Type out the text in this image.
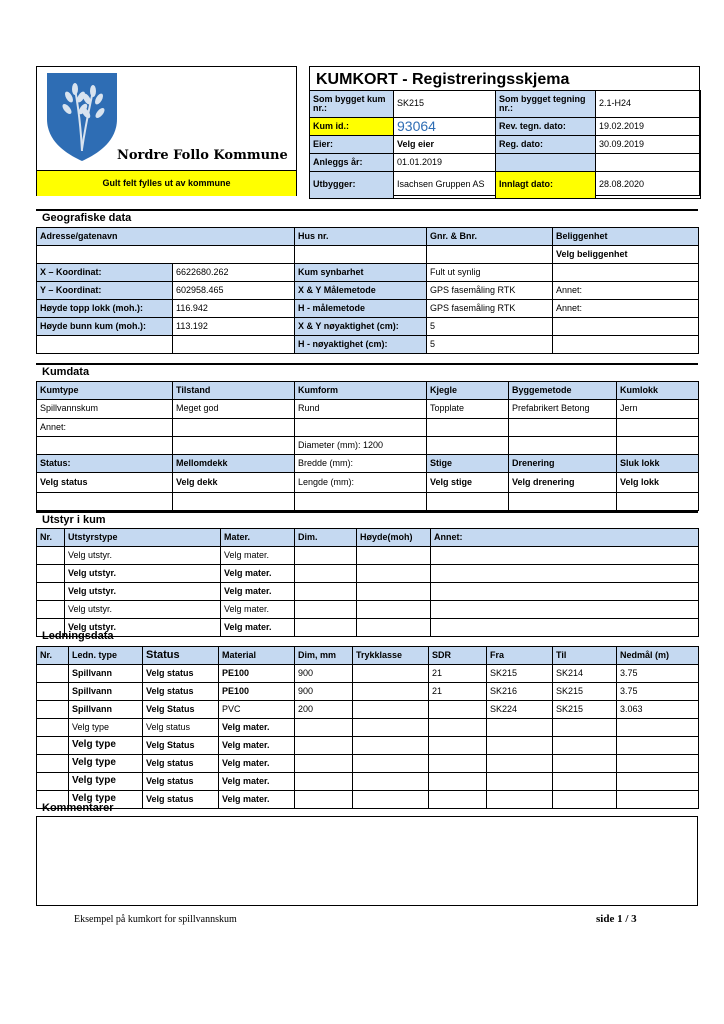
Nordre Follo Kommune
Gult felt fylles ut av kommune
KUMKORT - Registreringsskjema
Som bygget kum nr.:	SK215	Som bygget tegning nr.:	2.1-H24
Kum id.:	93064	Rev. tegn. dato:	19.02.2019
Eier:	Velg eier	Reg. dato:	30.09.2019
Anleggs år:	01.01.2019		
Utbygger:	Isachsen Gruppen AS	Innlagt dato:	28.08.2020
Geografiske data
Adresse/gatenavn		Hus nr.	Gnr. & Bnr.	Beliggenhet
				Velg beliggenhet
X – Koordinat:	6622680.262	Kum synbarhet	Fult ut synlig	
Y – Koordinat:	602958.465	X & Y Målemetode	GPS fasemåling RTK	Annet:
Høyde topp lokk (moh.):	116.942	H - målemetode	GPS fasemåling RTK	Annet:
Høyde bunn kum (moh.):	113.192	X & Y nøyaktighet (cm):	5	
		H - nøyaktighet (cm):	5	
Kumdata
Kumtype	Tilstand	Kumform	Kjegle	Byggemetode	Kumlokk
Spillvannskum	Meget god	Rund	Topplate	Prefabrikert Betong	Jern
Annet:					
		Diameter (mm): 1200			
Status:	Mellomdekk	Bredde (mm):	Stige	Drenering	Sluk lokk
Velg status	Velg dekk	Lengde (mm):	Velg stige	Velg drenering	Velg lokk

Utstyr i kum
Nr.	Utstyrstype	Mater.	Dim.	Høyde(moh)	Annet:
	Velg utstyr.	Velg mater.			
	Velg utstyr.	Velg mater.			
	Velg utstyr.	Velg mater.			
	Velg utstyr.	Velg mater.			
	Velg utstyr.	Velg mater.			
Ledningsdata
Nr.	Ledn. type	Status	Material	Dim, mm	Trykklasse	SDR	Fra	Til	Nedmål (m)
	Spillvann	Velg status	PE100	900		21	SK215	SK214	3.75
	Spillvann	Velg status	PE100	900		21	SK216	SK215	3.75
	Spillvann	Velg Status	PVC	200			SK224	SK215	3.063
	Velg type	Velg status	Velg mater.						
	Velg type	Velg Status	Velg mater.						
	Velg type	Velg status	Velg mater.						
	Velg type	Velg status	Velg mater.						
	Velg type	Velg status	Velg mater.						
Kommentarer
Eksempel på kumkort for spillvannskum	side 1 / 3
